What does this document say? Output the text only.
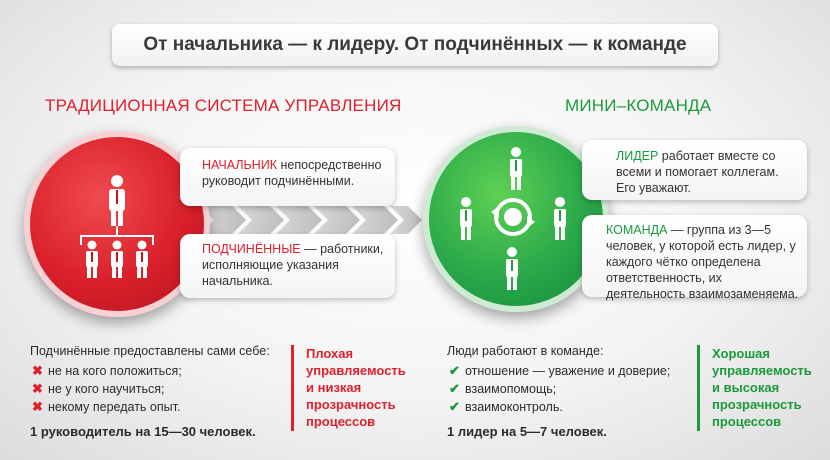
От начальника — к лидеру. От подчинённых — к команде
ТРАДИЦИОННАЯ СИСТЕМА УПРАВЛЕНИЯ	МИНИ–КОМАНДА
НАЧАЛЬНИК непосредственно руководит подчинёнными.
ПОДЧИНЁННЫЕ — работники, исполняющие указания начальника.
ЛИДЕР работает вместе со всеми и помогает коллегам. Его уважают.
КОМАНДА — группа из 3—5 человек, у которой есть лидер, у каждого чётко определена ответственность, их деятельность взаимозаменяема.
Подчинённые предоставлены сами себе:
✖ не на кого положиться;
✖ не у кого научиться;
✖ некому передать опыт.
1 руководитель на 15—30 человек.
Плохая
управляемость
и низкая
прозрачность
процессов
Люди работают в команде:
✔ отношение — уважение и доверие;
✔ взаимопомощь;
✔ взаимоконтроль.
1 лидер на 5—7 человек.
Хорошая
управляемость
и высокая
прозрачность
процессов
